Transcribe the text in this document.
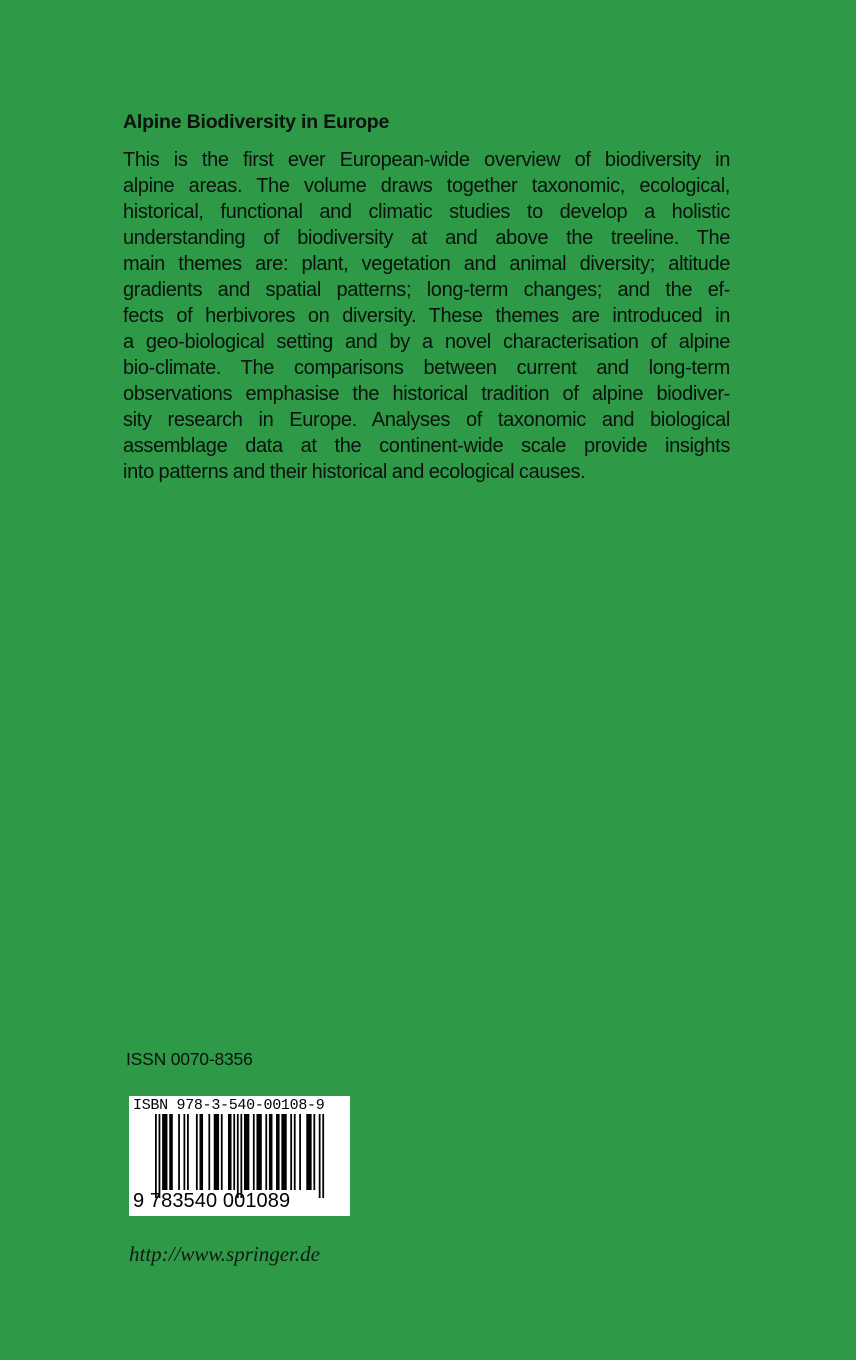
Alpine Biodiversity in Europe
This is the first ever European-wide overview of biodiversity in
alpine areas. The volume draws together taxonomic, ecological,
historical, functional and climatic studies to develop a holistic
understanding of biodiversity at and above the treeline. The
main themes are: plant, vegetation and animal diversity; altitude
gradients and spatial patterns; long-term changes; and the ef-
fects of herbivores on diversity. These themes are introduced in
a geo-biological setting and by a novel characterisation of alpine
bio-climate. The comparisons between current and long-term
observations emphasise the historical tradition of alpine biodiver-
sity research in Europe. Analyses of taxonomic and biological
assemblage data at the continent-wide scale provide insights
into patterns and their historical and ecological causes.
ISSN 0070-8356
ISBN 978-3-540-00108-9
9 783540 001089
http://www.springer.de
